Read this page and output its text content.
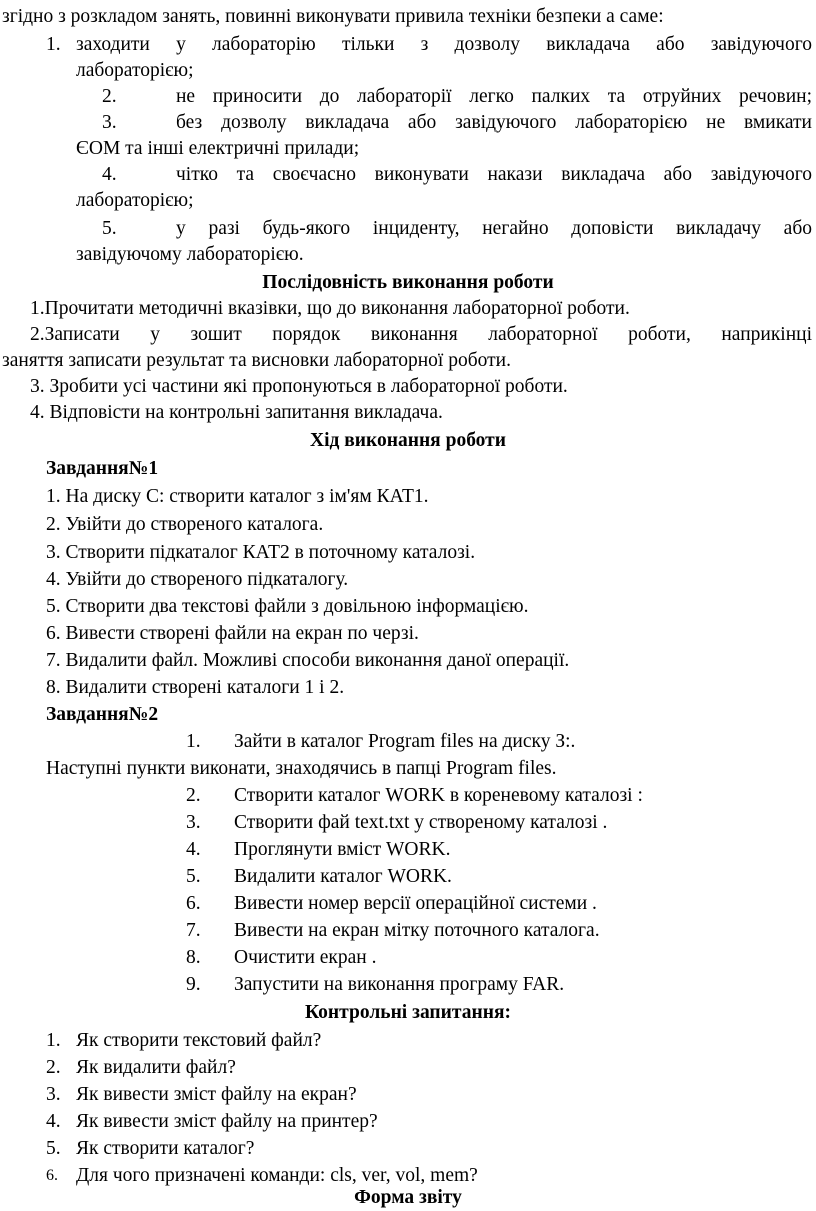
згідно з розкладом занять, повинні виконувати привила техніки безпеки а саме:
1. заходити у лабораторію тільки з дозволу викладача або завідуючого
лабораторією;
2.	не приносити до лабораторії легко палких та отруйних речовин;
3.	без дозволу викладача або завідуючого лабораторією не вмикати
ЄОМ та інші електричні прилади;
4.	чітко та своєчасно виконувати накази викладача або завідуючого
лабораторією;
5.	у разі будь-якого інциденту, негайно доповісти викладачу або
завідуючому лабораторією.
Послідовність виконання роботи
1.Прочитати методичні вказівки, що до виконання лабораторної роботи.
2.Записати у зошит порядок виконання лабораторної роботи, наприкінці
заняття записати результат та висновки лабораторної роботи.
3. Зробити усі частини які пропонуються в лабораторної роботи.
4. Відповісти на контрольні запитання викладача.
Хід виконання роботи
Завдання№1
1. На диску С: створити каталог з ім'ям КАТ1.
2. Увійти до створеного каталога.
3. Створити підкаталог КАТ2 в поточному каталозі.
4. Увійти до створеного підкаталогу.
5. Створити два текстові файли з довільною інформацією.
6. Вивести створені файли на екран по черзі.
7. Видалити файл. Можливі способи виконання даної операції.
8. Видалити створені каталоги 1 і 2.
Завдання№2
1. Зайти в каталог Program files на диску З:.
Наступні пункти виконати, знаходячись в папці Program files.
2. Створити каталог WORK в кореневому каталозі :
3. Створити фай text.txt у створеному каталозі .
4. Проглянути вміст WORK.
5. Видалити каталог WORK.
6. Вивести номер версії операційної системи .
7. Вивести на екран мітку поточного каталога.
8. Очистити екран .
9. Запустити на виконання програму FAR.
Контрольні запитання:
1. Як створити текстовий файл?
2. Як видалити файл?
3. Як вивести зміст файлу на екран?
4. Як вивести зміст файлу на принтер?
5. Як створити каталог?
6. Для чого призначені команди: cls, ver, vol, mem?
Форма звіту
